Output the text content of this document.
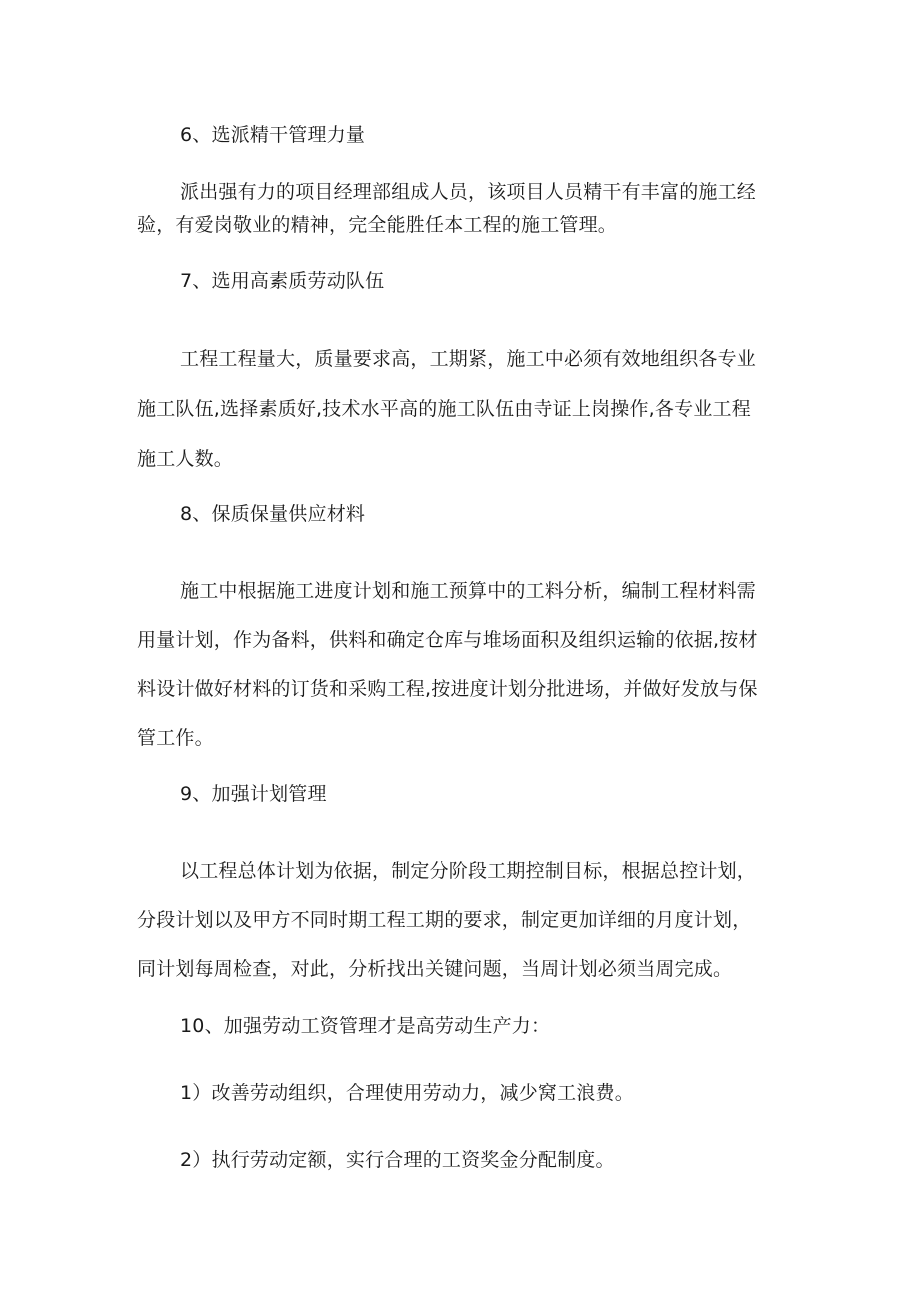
6、选派精干管理力量

派出强有力的项目经理部组成人员，该项目人员精干有丰富的施工经

验，有爱岗敬业的精神，完全能胜任本工程的施工管理。

7、选用高素质劳动队伍

工程工程量大，质量要求高，工期紧，施工中必须有效地组织各专业

施工队伍,选择素质好,技术水平高的施工队伍由寺证上岗操作,各专业工程

施工人数。

8、保质保量供应材料

施工中根据施工进度计划和施工预算中的工料分析，编制工程材料需

用量计划，作为备料，供料和确定仓库与堆场面积及组织运输的依据,按材

料设计做好材料的订货和采购工程,按进度计划分批进场，并做好发放与保

管工作。

9、加强计划管理

以工程总体计划为依据，制定分阶段工期控制目标，根据总控计划，

分段计划以及甲方不同时期工程工期的要求，制定更加详细的月度计划，

同计划每周检查，对此，分析找出关键问题，当周计划必须当周完成。

10、加强劳动工资管理才是高劳动生产力：

1）改善劳动组织，合理使用劳动力，减少窝工浪费。

2）执行劳动定额，实行合理的工资奖金分配制度。
